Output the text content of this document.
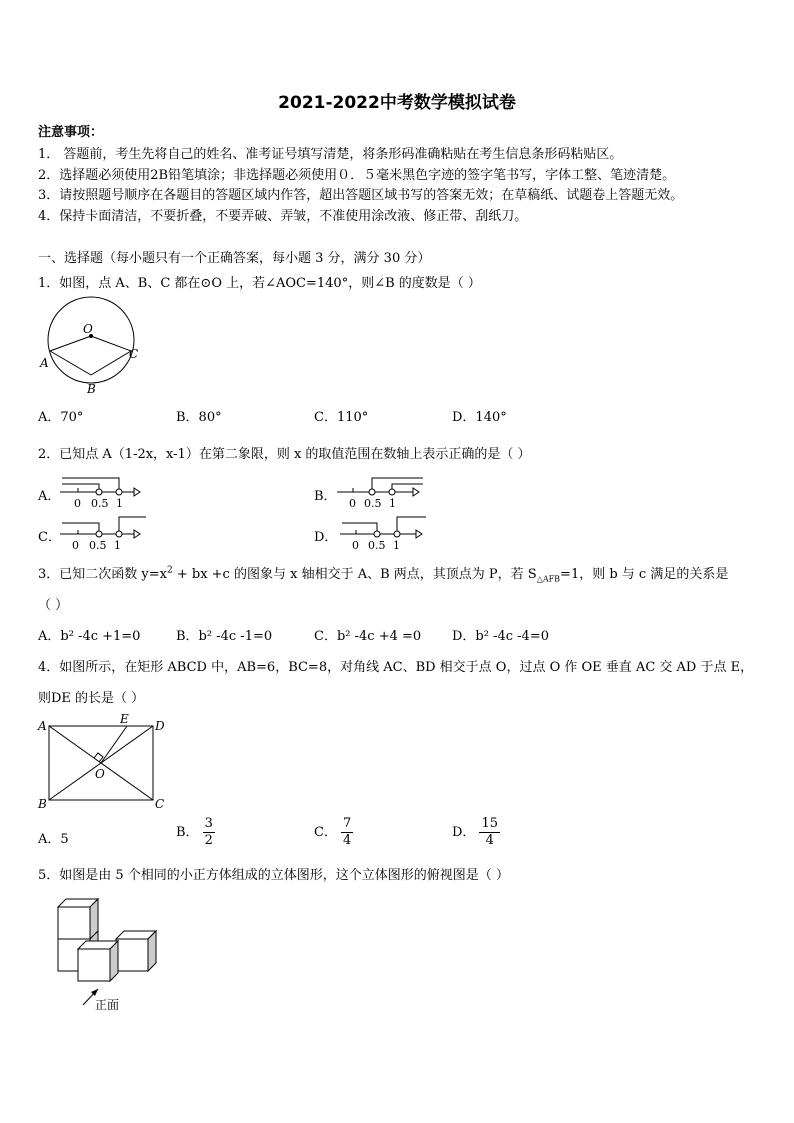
2021-2022中考数学模拟试卷
注意事项：
1． 答题前，考生先将自己的姓名、准考证号填写清楚，将条形码准确粘贴在考生信息条形码粘贴区。
2．选择题必须使用2B铅笔填涂；非选择题必须使用０．５毫米黑色字迹的签字笔书写，字体工整、笔迹清楚。
3．请按照题号顺序在各题目的答题区域内作答，超出答题区域书写的答案无效；在草稿纸、试题卷上答题无效。
4．保持卡面清洁，不要折叠，不要弄破、弄皱，不准使用涂改液、修正带、刮纸刀。
一、选择题（每小题只有一个正确答案，每小题 3 分，满分 30 分）
1．如图，点 A、B、C 都在⊙O 上，若∠AOC=140°，则∠B 的度数是（ ）
O
A
B
C
A．70°	B．80°	C．110°	D．140°
2．已知点 A（1-2x，x-1）在第二象限，则 x 的取值范围在数轴上表示正确的是（ ）
A． 0 0.5 1	B． 0 0.5 1
C．
0 0.5 1
D．
0 0.5 1
3．已知二次函数 $y=x^2$ + bx +c 的图象与 x 轴相交于 A、B 两点，其顶点为 P，若 $S_{\triangle AFB}=1$，则 b 与 c 满足的关系是
（ ）
A．b² -4c +1=0	B．b² -4c -1=0	C．b² -4c +4 =0 D．b² -4c -4=0
4．如图所示，在矩形 ABCD 中，AB=6，BC=8，对角线 AC、BD 相交于点 O，过点 O 作 OE 垂直 AC 交 AD 于点 E，
则DE 的长是（ ）
A
B	C
D
E
O
A．5	B． $\frac{3}{2}$	C． $\frac{7}{4}$	D． $\frac{15}{4}$
5．如图是由 5 个相同的小正方体组成的立体图形，这个立体图形的俯视图是（ ）
正面
